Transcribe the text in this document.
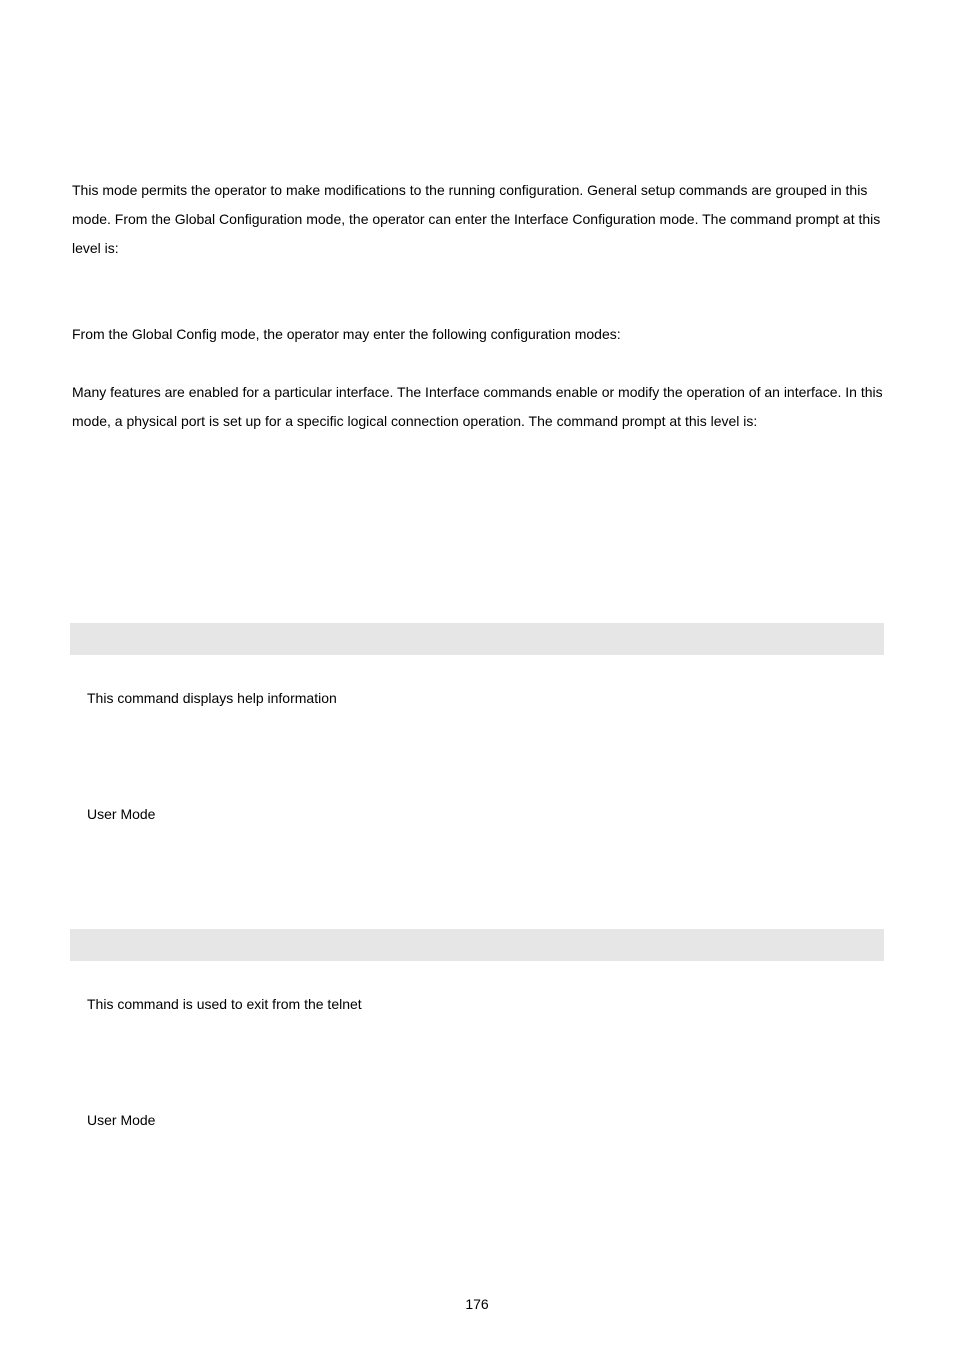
This mode permits the operator to make modifications to the running configuration. General setup commands are grouped in this mode. From the Global Configuration mode, the operator can enter the Interface Configuration mode. The command prompt at this level is:

From the Global Config mode, the operator may enter the following configuration modes:

Many features are enabled for a particular interface. The Interface commands enable or modify the operation of an interface. In this mode, a physical port is set up for a specific logical connection operation. The command prompt at this level is:

This command displays help information

User Mode

This command is used to exit from the telnet

User Mode

176
